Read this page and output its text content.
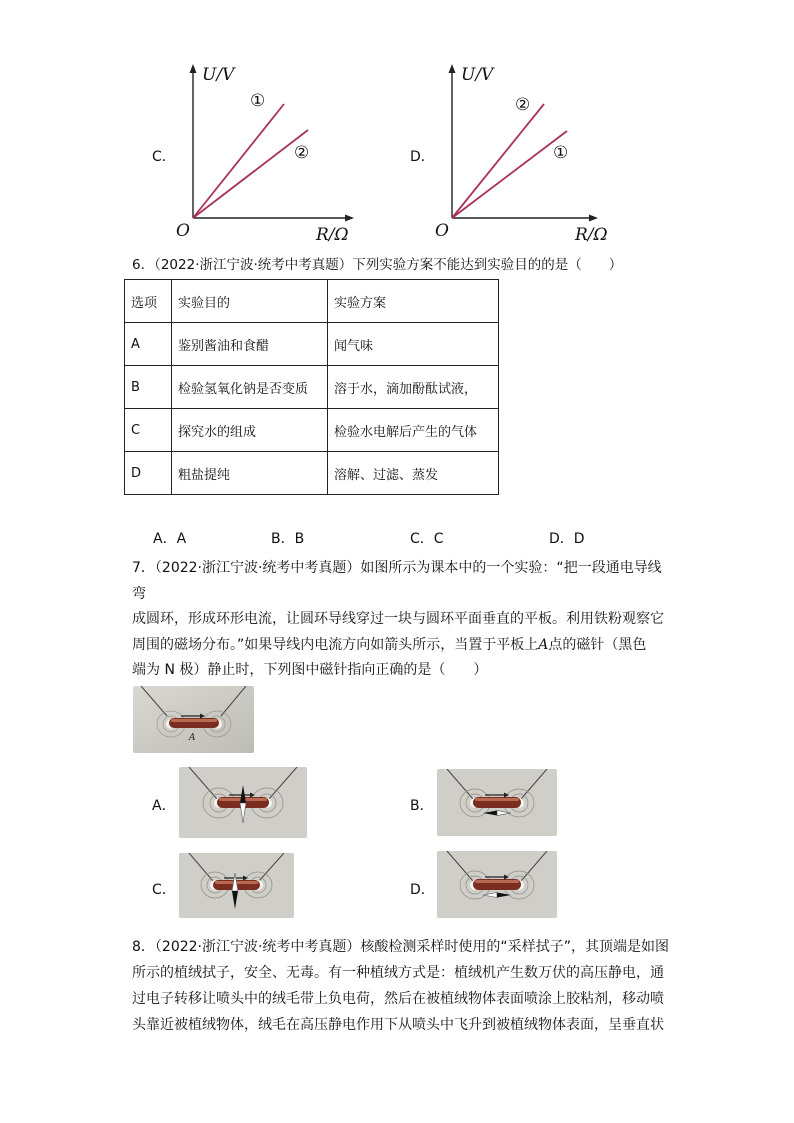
C．
U/V
R/Ω
O
①
②	D．
U/V
R/Ω
O
②
①
6．（2022·浙江宁波·统考中考真题）下列实验方案不能达到实验目的的是（　　）
选项	实验目的	实验方案
A	鉴别酱油和食醋	闻气味
B	检验氢氧化钠是否变质	溶于水，滴加酚酞试液，
C	探究水的组成	检验水电解后产生的气体
D	粗盐提纯	溶解、过滤、蒸发
A．A	B．B	C．C	D．D
7．（2022·浙江宁波·统考中考真题）如图所示为课本中的一个实验：“把一段通电导线弯
成圆环，形成环形电流，让圆环导线穿过一块与圆环平面垂直的平板。利用铁粉观察它
周围的磁场分布。”如果导线内电流方向如箭头所示，当置于平板上A点的磁针（黑色
端为 N 极）静止时，下列图中磁针指向正确的是（　　）
A
A．	B．
C．	D．
8．（2022·浙江宁波·统考中考真题）核酸检测采样时使用的“采样拭子”，其顶端是如图
所示的植绒拭子，安全、无毒。有一种植绒方式是：植绒机产生数万伏的高压静电，通
过电子转移让喷头中的绒毛带上负电荷，然后在被植绒物体表面喷涂上胶粘剂，移动喷
头靠近被植绒物体，绒毛在高压静电作用下从喷头中飞升到被植绒物体表面，呈垂直状
